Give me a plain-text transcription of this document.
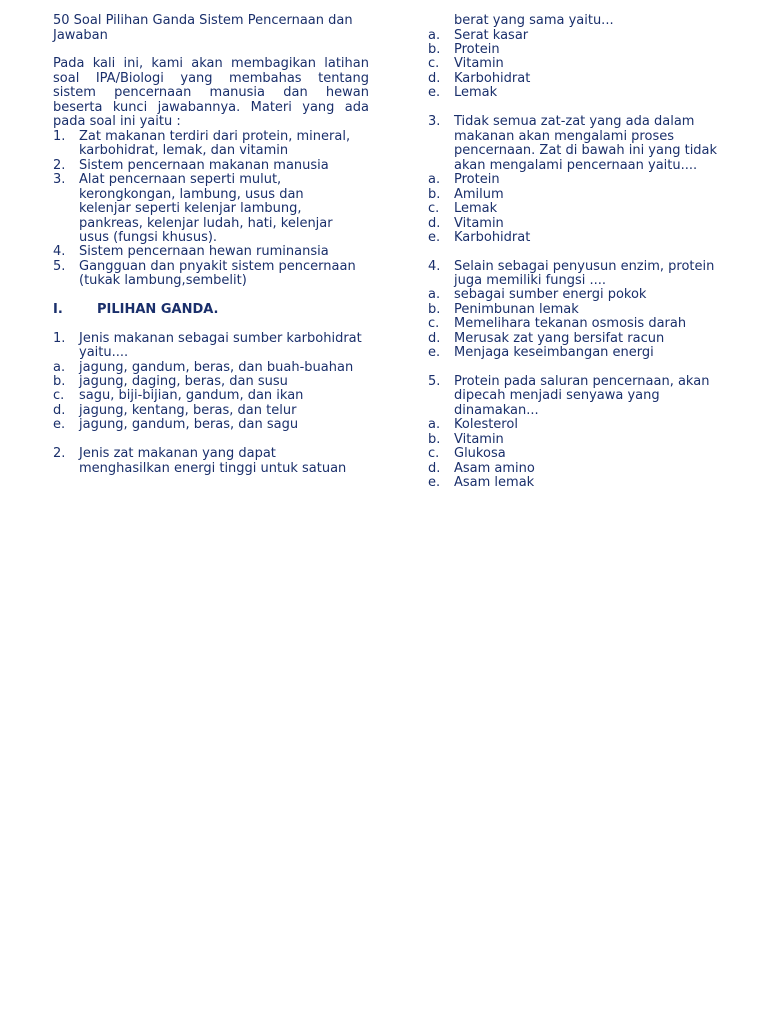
50 Soal Pilihan Ganda Sistem Pencernaan dan
Jawaban
Pada kali ini, kami akan membagikan latihan
soal IPA/Biologi yang membahas tentang
sistem pencernaan manusia dan hewan
beserta kunci jawabannya. Materi yang ada
pada soal ini yaitu :
1. Zat makanan terdiri dari protein, mineral,
karbohidrat, lemak, dan vitamin
2. Sistem pencernaan makanan manusia
3. Alat pencernaan seperti mulut,
kerongkongan, lambung, usus dan
kelenjar seperti kelenjar lambung,
pankreas, kelenjar ludah, hati, kelenjar
usus (fungsi khusus).
4. Sistem pencernaan hewan ruminansia
5. Gangguan dan pnyakit sistem pencernaan
(tukak lambung,sembelit)
I.	PILIHAN GANDA.
1. Jenis makanan sebagai sumber karbohidrat
yaitu....
a. jagung, gandum, beras, dan buah-buahan
b. jagung, daging, beras, dan susu
c. sagu, biji-bijian, gandum, dan ikan
d. jagung, kentang, beras, dan telur
e. jagung, gandum, beras, dan sagu
2. Jenis zat makanan yang dapat
menghasilkan energi tinggi untuk satuan
berat yang sama yaitu...
a. Serat kasar
b. Protein
c. Vitamin
d. Karbohidrat
e. Lemak
3. Tidak semua zat-zat yang ada dalam
makanan akan mengalami proses
pencernaan. Zat di bawah ini yang tidak
akan mengalami pencernaan yaitu....
a. Protein
b. Amilum
c. Lemak
d. Vitamin
e. Karbohidrat
4. Selain sebagai penyusun enzim, protein
juga memiliki fungsi ....
a. sebagai sumber energi pokok
b. Penimbunan lemak
c. Memelihara tekanan osmosis darah
d. Merusak zat yang bersifat racun
e. Menjaga keseimbangan energi
5. Protein pada saluran pencernaan, akan
dipecah menjadi senyawa yang
dinamakan...
a. Kolesterol
b. Vitamin
c. Glukosa
d. Asam amino
e. Asam lemak
